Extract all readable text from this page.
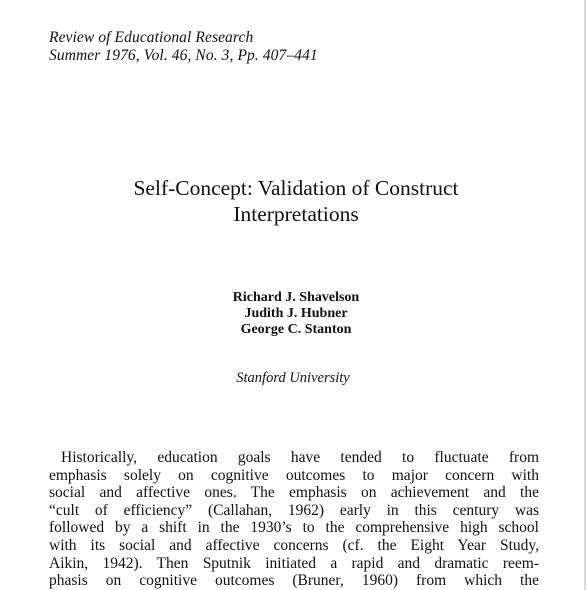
Review of Educational Research
Summer 1976, Vol. 46, No. 3, Pp. 407–441
Self-Concept: Validation of Construct
Interpretations
Richard J. Shavelson
Judith J. Hubner
George C. Stanton
Stanford University
Historically, education goals have tended to fluctuate from
emphasis solely on cognitive outcomes to major concern with
social and affective ones. The emphasis on achievement and the
“cult of efficiency” (Callahan, 1962) early in this century was
followed by a shift in the 1930’s to the comprehensive high school
with its social and affective concerns (cf. the Eight Year Study,
Aikin, 1942). Then Sputnik initiated a rapid and dramatic reem-
phasis on cognitive outcomes (Bruner, 1960) from which the
